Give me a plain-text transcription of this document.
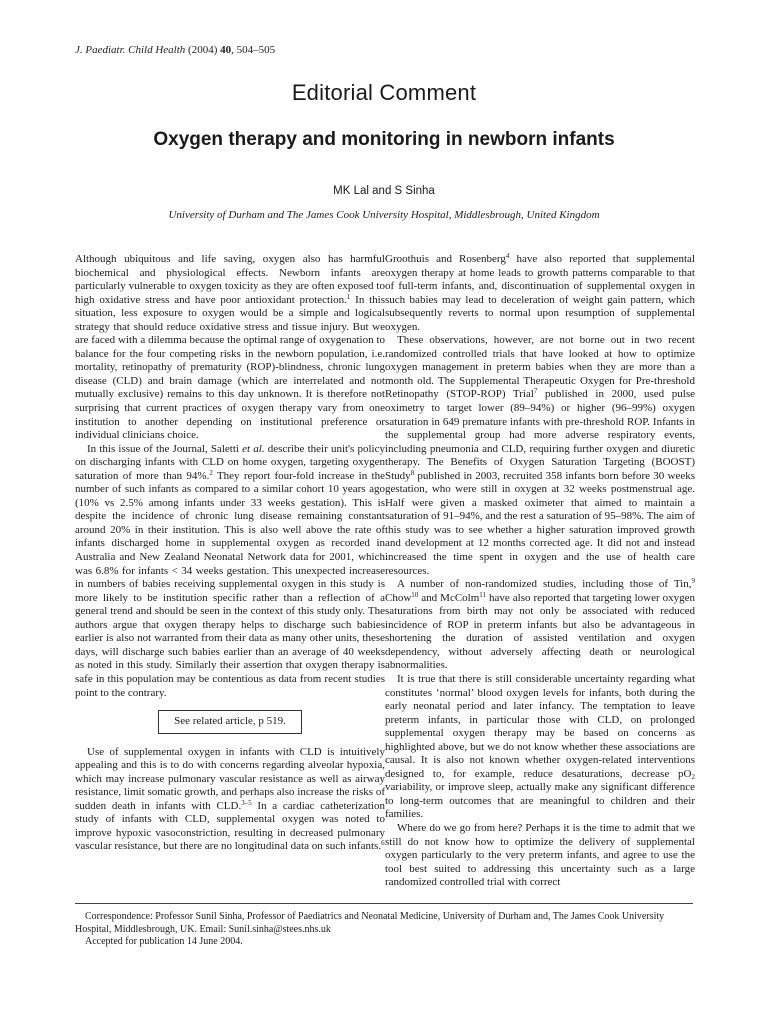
J. Paediatr. Child Health (2004) 40, 504–505
Editorial Comment
Oxygen therapy and monitoring in newborn infants
MK Lal and S Sinha
University of Durham and The James Cook University Hospital, Middlesbrough, United Kingdom

Although ubiquitous and life saving, oxygen also has harmful biochemical and physiological effects. Newborn infants are particularly vulnerable to oxygen toxicity as they are often exposed to high oxidative stress and have poor antioxidant protection.$^1$ In this situation, less exposure to oxygen would be a simple and logical strategy that should reduce oxidative stress and tissue injury. But we are faced with a dilemma because the optimal range of oxygenation to balance for the four competing risks in the newborn population, i.e. mortality, retinopathy of prematurity (ROP)-blindness, chronic lung disease (CLD) and brain damage (which are interrelated and not mutually exclusive) remains to this day unknown. It is therefore not surprising that current practices of oxygen therapy vary from one institution to another depending on institutional preference or individual clinicians choice.

In this issue of the Journal, Saletti et al. describe their unit's policy on discharging infants with CLD on home oxygen, targeting oxygen saturation of more than 94%.$^2$ They report four-fold increase in the number of such infants as compared to a similar cohort 10 years ago (10% vs 2.5% among infants under 33 weeks gestation). This is despite the incidence of chronic lung disease remaining constant around 20% in their institution. This is also well above the rate of infants discharged home in supplemental oxygen as recorded in Australia and New Zealand Neonatal Network data for 2001, which was 6.8% for infants < 34 weeks gestation. This unexpected increase in numbers of babies receiving supplemental oxygen in this study is more likely to be institution specific rather than a reflection of a general trend and should be seen in the context of this study only. The authors argue that oxygen therapy helps to discharge such babies earlier is also not warranted from their data as many other units, these days, will discharge such babies earlier than an average of 40 weeks as noted in this study. Similarly their assertion that oxygen therapy is safe in this population may be contentious as data from recent studies point to the contrary.

See related article, p 519.

Use of supplemental oxygen in infants with CLD is intuitively appealing and this is to do with concerns regarding alveolar hypoxia, which may increase pulmonary vascular resistance as well as airway resistance, limit somatic growth, and perhaps also increase the risks of sudden death in infants with CLD.$^{3-5}$ In a cardiac catheterization study of infants with CLD, supplemental oxygen was noted to improve hypoxic vasoconstriction, resulting in decreased pulmonary vascular resistance, but there are no longitudinal data on such infants.$^6$

Groothuis and Rosenberg$^4$ have also reported that supplemental oxygen therapy at home leads to growth patterns comparable to that of full-term infants, and, discontinuation of supplemental oxygen in such babies may lead to deceleration of weight gain pattern, which subsequently reverts to normal upon resumption of supplemental oxygen.

These observations, however, are not borne out in two recent randomized controlled trials that have looked at how to optimize oxygen management in preterm babies when they are more than a month old. The Supplemental Therapeutic Oxygen for Pre-threshold Retinopathy (STOP-ROP) Trial$^7$ published in 2000, used pulse oximetry to target lower (89–94%) or higher (96–99%) oxygen saturation in 649 premature infants with pre-threshold ROP. Infants in the supplemental group had more adverse respiratory events, including pneumonia and CLD, requiring further oxygen and diuretic therapy. The Benefits of Oxygen Saturation Targeting (BOOST) Study$^8$ published in 2003, recruited 358 infants born before 30 weeks gestation, who were still in oxygen at 32 weeks postmenstrual age. Half were given a masked oximeter that aimed to maintain a saturation of 91–94%, and the rest a saturation of 95–98%. The aim of this study was to see whether a higher saturation improved growth and development at 12 months corrected age. It did not and instead increased the time spent in oxygen and the use of health care resources.

A number of non-randomized studies, including those of Tin,$^9$ Chow$^{10}$ and McColm$^{11}$ have also reported that targeting lower oxygen saturations from birth may not only be associated with reduced incidence of ROP in preterm infants but also be advantageous in shortening the duration of assisted ventilation and oxygen dependency, without adversely affecting death or neurological abnormalities.

It is true that there is still considerable uncertainty regarding what constitutes ‘normal’ blood oxygen levels for infants, both during the early neonatal period and later infancy. The temptation to leave preterm infants, in particular those with CLD, on prolonged supplemental oxygen therapy may be based on concerns as highlighted above, but we do not know whether these associations are causal. It is also not known whether oxygen-related interventions designed to, for example, reduce desaturations, decrease $pO_2$ variability, or improve sleep, actually make any significant difference to long-term outcomes that are meaningful to children and their families.

Where do we go from here? Perhaps it is the time to admit that we still do not know how to optimize the delivery of supplemental oxygen particularly to the very preterm infants, and agree to use the tool best suited to addressing this uncertainty such as a large randomized controlled trial with correct

Correspondence: Professor Sunil Sinha, Professor of Paediatrics and Neonatal Medicine, University of Durham and, The James Cook University Hospital, Middlesbrough, UK. Email: Sunil.sinha@stees.nhs.uk

Accepted for publication 14 June 2004.
